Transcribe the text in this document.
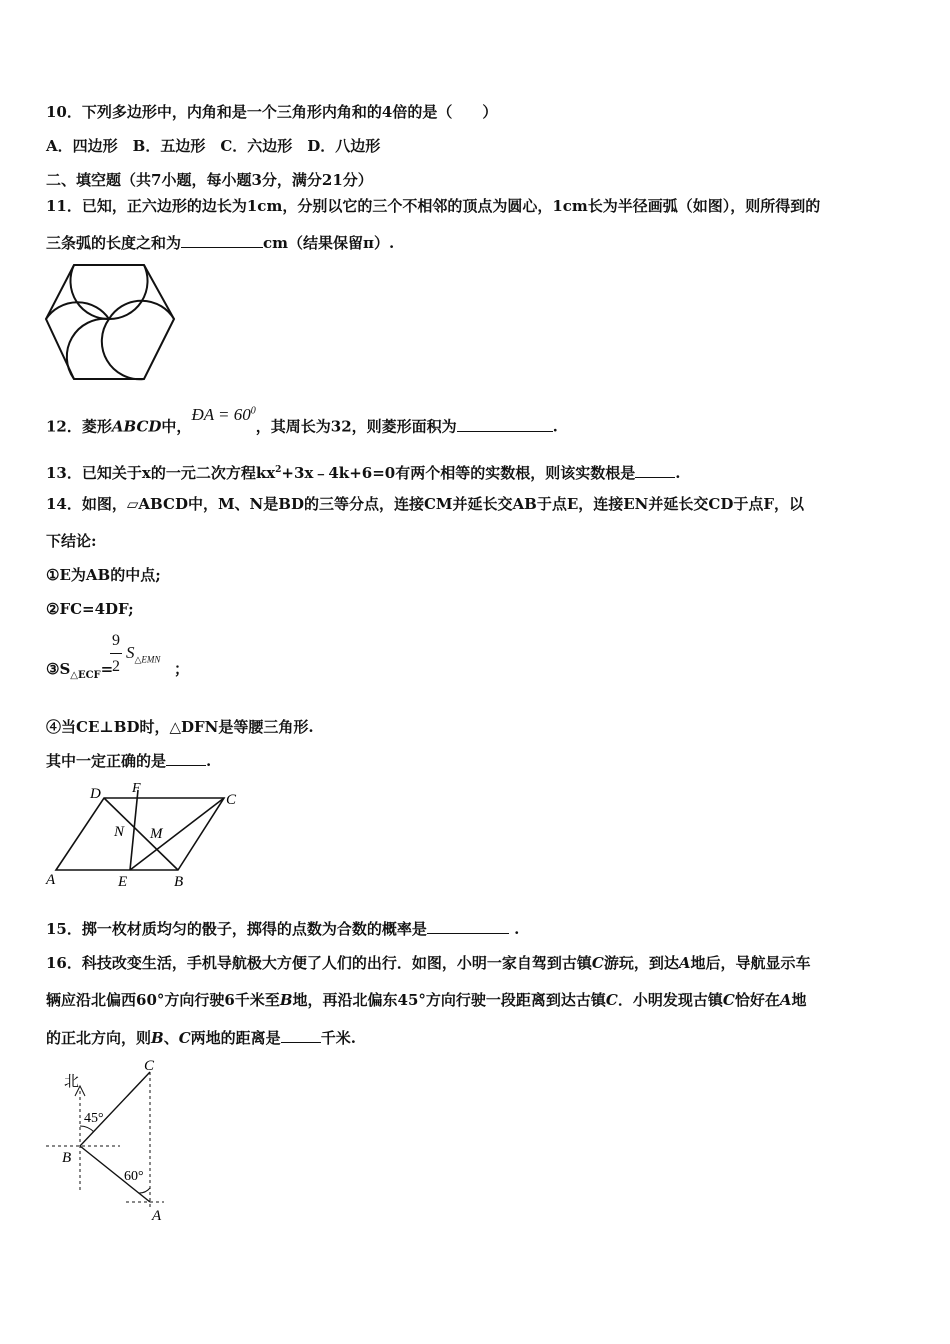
10．下列多边形中，内角和是一个三角形内角和的4倍的是（　　）
A．四边形　B．五边形　C．六边形　D．八边形
二、填空题（共7小题，每小题3分，满分21分）
11．已知，正六边形的边长为1cm，分别以它的三个不相邻的顶点为圆心，1cm长为半径画弧（如图），则所得到的
三条弧的长度之和为	cm（结果保留π）.
12．菱形ABCD中，ÐA = $60^0$，其周长为32，则菱形面积为	.
13．已知关于x的一元二次方程$kx^2+3x﹣4k+6=0$有两个相等的实数根，则该实数根是	.
14．如图，▱ABCD中，M、N是BD的三等分点，连接CM并延长交AB于点E，连接EN并延长交CD于点F，以
下结论:
①E为AB的中点;
②FC=4DF;
$③S_{\triangle ECF}=$
9
2
$S_{\triangle EMN}$
；
④当CE⊥BD时，△DFN是等腰三角形.
其中一定正确的是	.
D F
C
N M
A	E	B
15．掷一枚材质均匀的骰子，掷得的点数为合数的概率是	.
16．科技改变生活，手机导航极大方便了人们的出行．如图，小明一家自驾到古镇C游玩，到达A地后，导航显示车
辆应沿北偏西60°方向行驶6千米至B地，再沿北偏东45°方向行驶一段距离到达古镇C．小明发现古镇C恰好在A地
的正北方向，则B、C两地的距离是	千米.
北
C
45°
B
60°
A
